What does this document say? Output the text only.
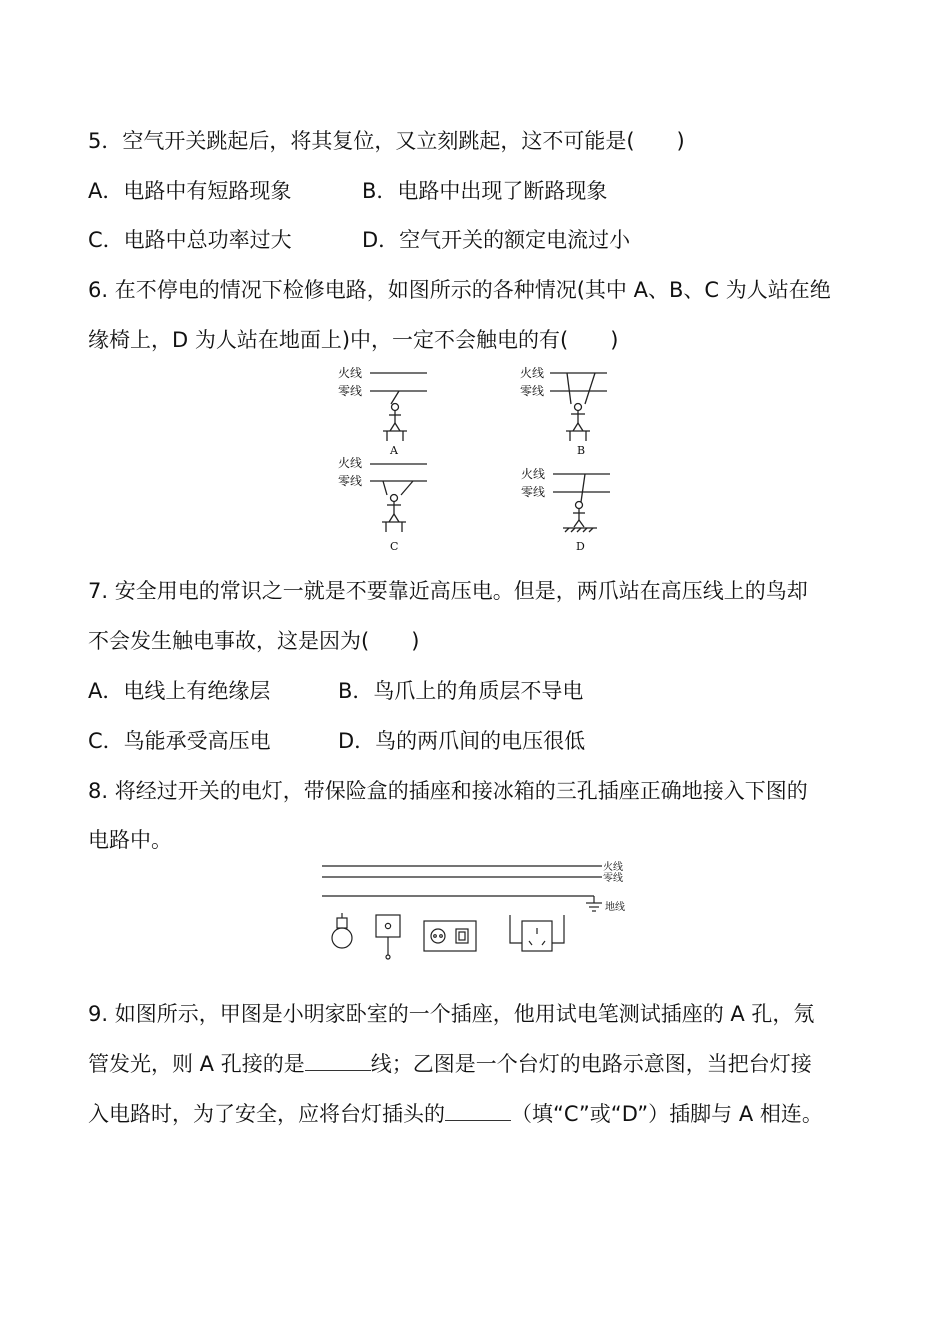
5．空气开关跳起后，将其复位，又立刻跳起，这不可能是(　　)
A．电路中有短路现象	B．电路中出现了断路现象
C．电路中总功率过大	D．空气开关的额定电流过小
6. 在不停电的情况下检修电路，如图所示的各种情况(其中 A、B、C 为人站在绝
缘椅上，D 为人站在地面上)中，一定不会触电的有(　　)
火线
零线
火线
零线
火线
零线	火线
零线
A	B
C	D
7. 安全用电的常识之一就是不要靠近高压电。但是，两爪站在高压线上的鸟却
不会发生触电事故，这是因为(　　)
A．电线上有绝缘层	B．鸟爪上的角质层不导电
C．鸟能承受高压电	D．鸟的两爪间的电压很低
8. 将经过开关的电灯，带保险盒的插座和接冰箱的三孔插座正确地接入下图的
电路中。
火线
零线
地线
9. 如图所示，甲图是小明家卧室的一个插座，他用试电笔测试插座的 A 孔，氖
管发光，则 A 孔接的是	线；乙图是一个台灯的电路示意图，当把台灯接
入电路时，为了安全，应将台灯插头的	（填“C”或“D”）插脚与 A 相连。
